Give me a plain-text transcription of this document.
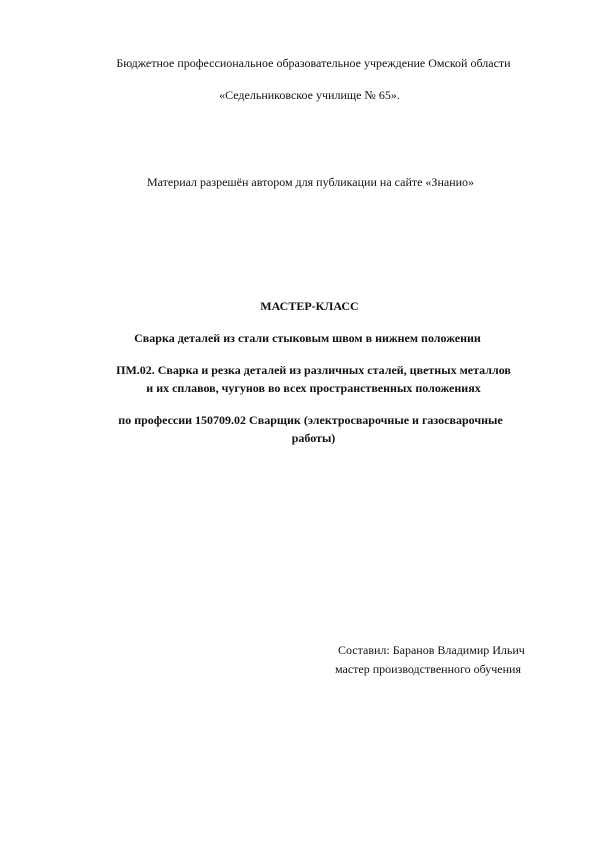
Бюджетное профессиональное образовательное учреждение Омской области
«Седельниковское училище № 65».
Материал разрешён автором для публикации на сайте «Знанио»
МАСТЕР-КЛАСС
Сварка деталей из стали стыковым швом в нижнем положении
ПМ.02. Сварка и резка деталей из различных сталей, цветных металлов
и их сплавов, чугунов во всех пространственных положениях
по профессии 150709.02 Сварщик (электросварочные и газосварочные
работы)
Составил: Баранов Владимир Ильич
мастер производственного обучения
